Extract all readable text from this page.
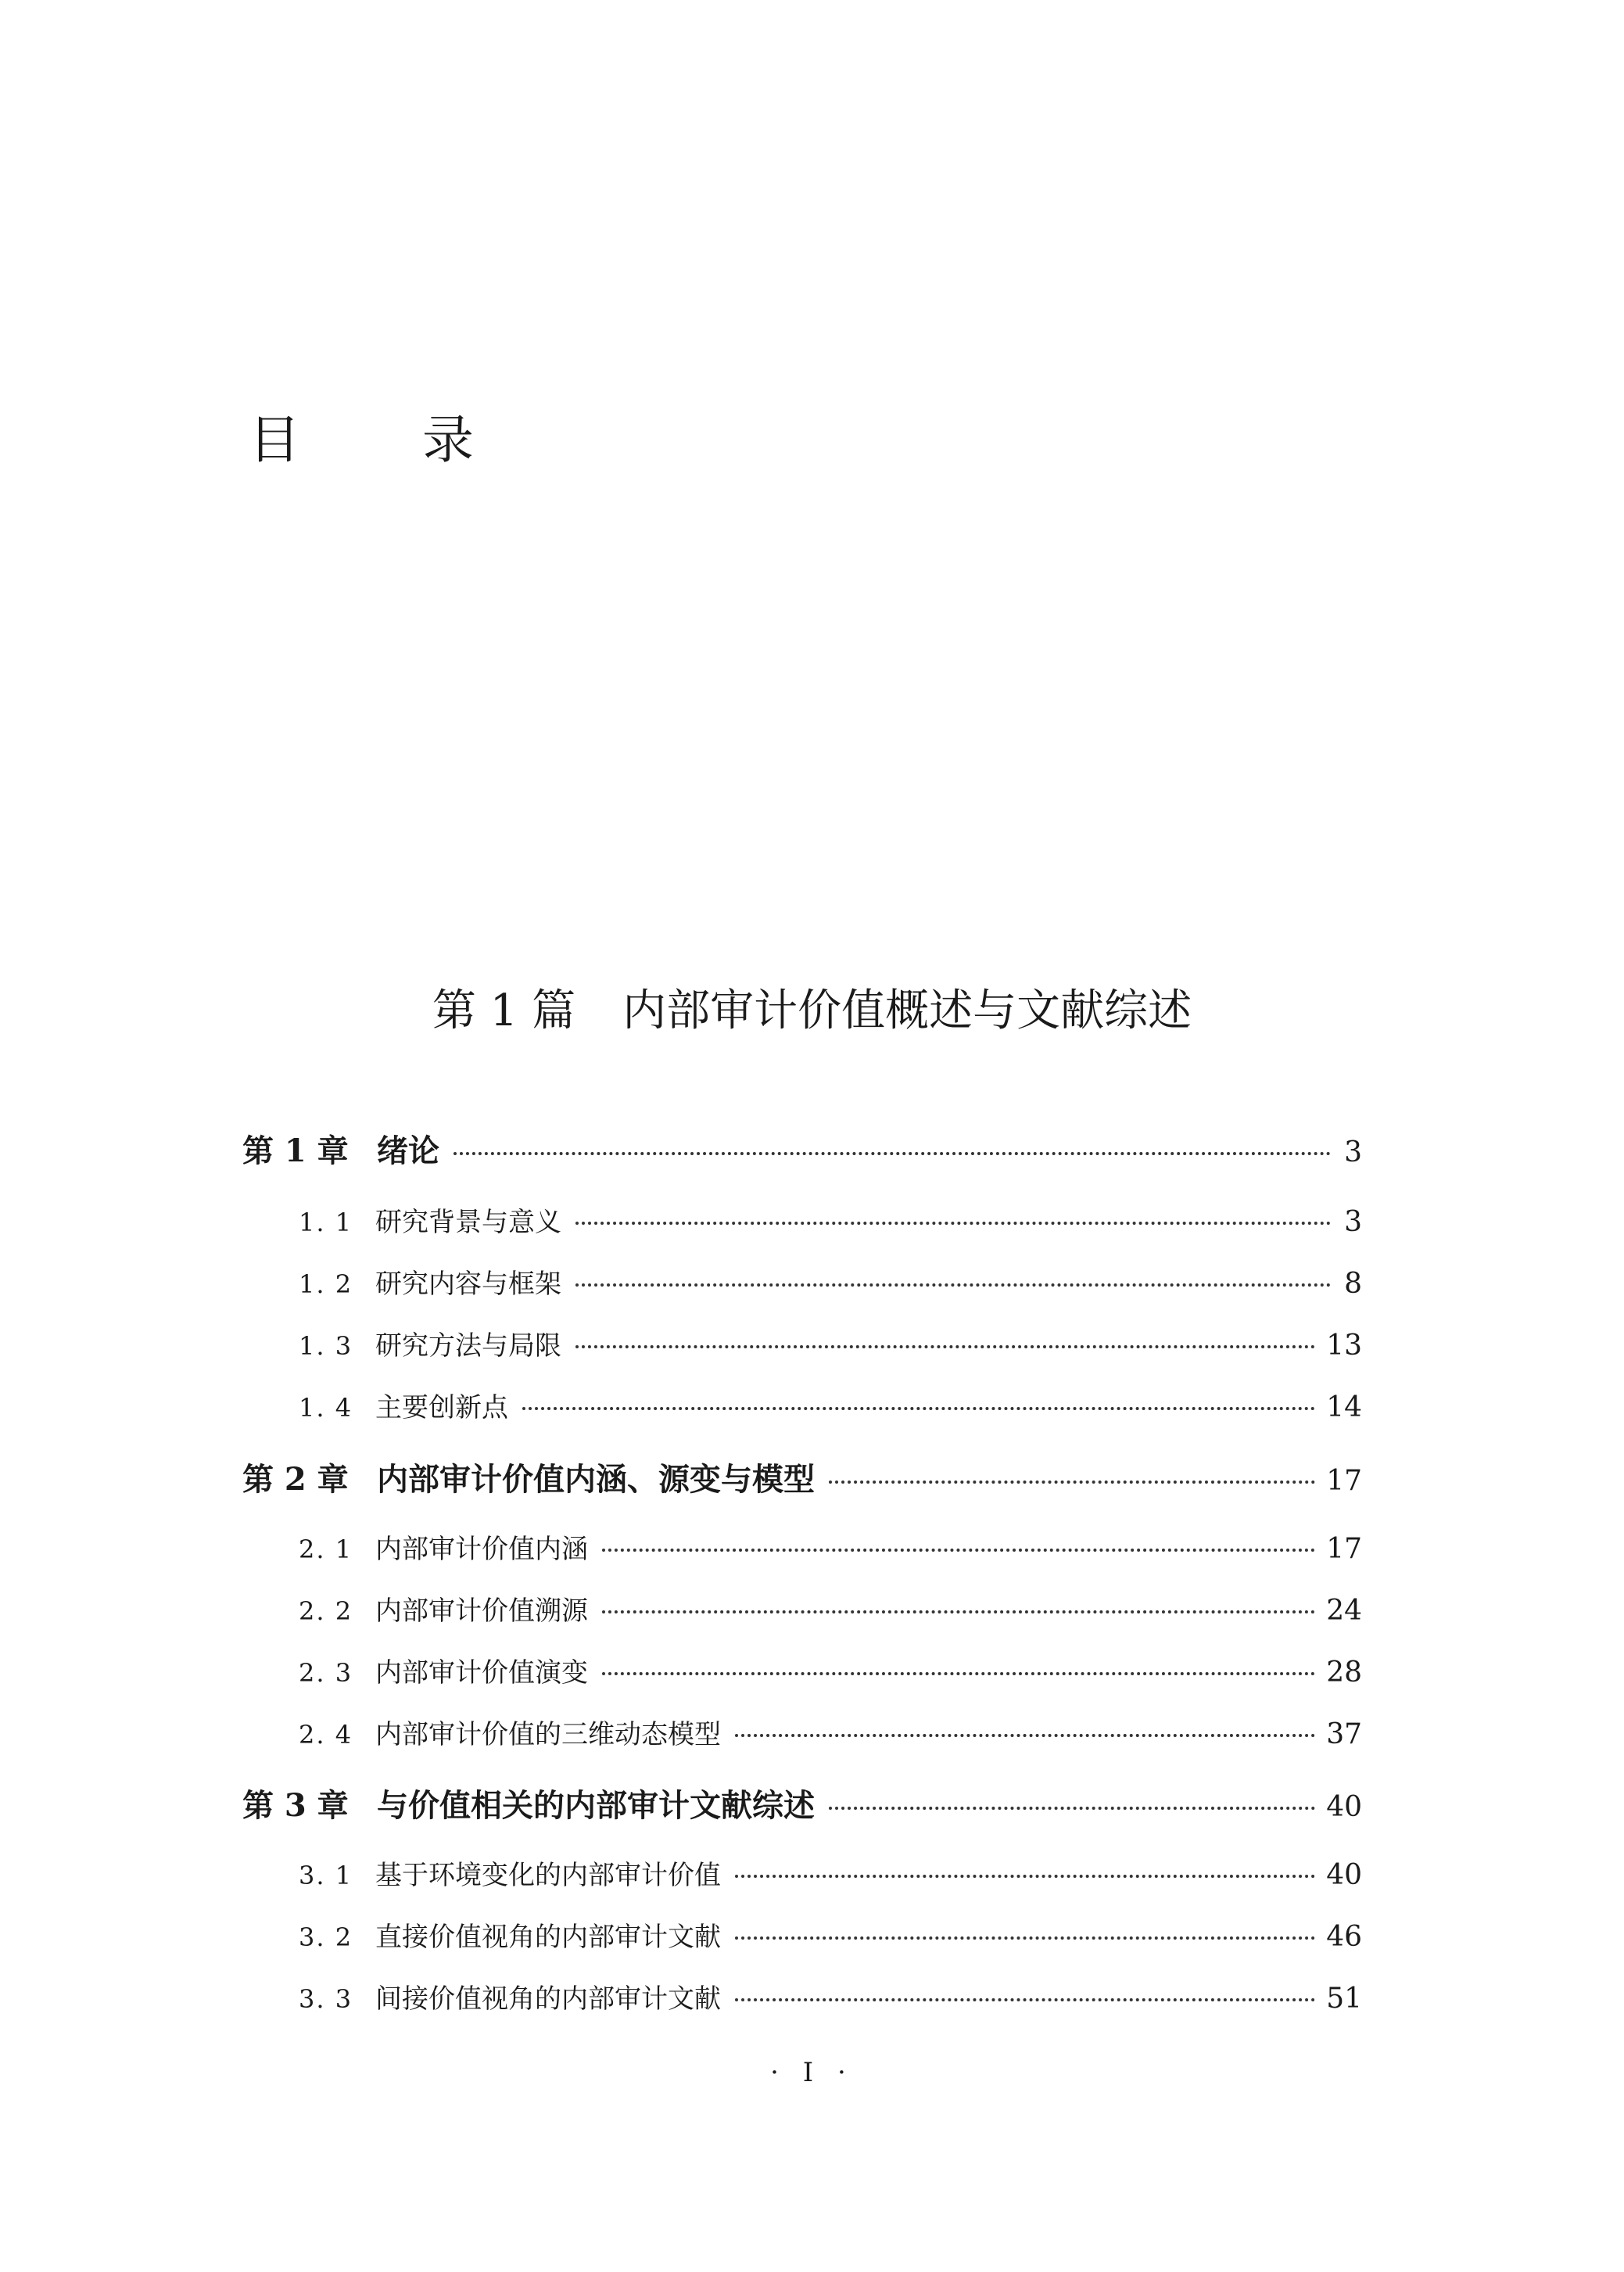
目 录
第 1 篇 内部审计价值概述与文献综述
第 1 章 绪论	3
1. 1 研究背景与意义	3
1. 2 研究内容与框架	8
1. 3 研究方法与局限	13
1. 4 主要创新点	14
第 2 章 内部审计价值内涵、源变与模型	17
2. 1 内部审计价值内涵	17
2. 2 内部审计价值溯源	24
2. 3 内部审计价值演变	28
2. 4 内部审计价值的三维动态模型	37
第 3 章 与价值相关的内部审计文献综述	40
3. 1 基于环境变化的内部审计价值	40
3. 2 直接价值视角的内部审计文献	46
3. 3 间接价值视角的内部审计文献	51
· I ·
